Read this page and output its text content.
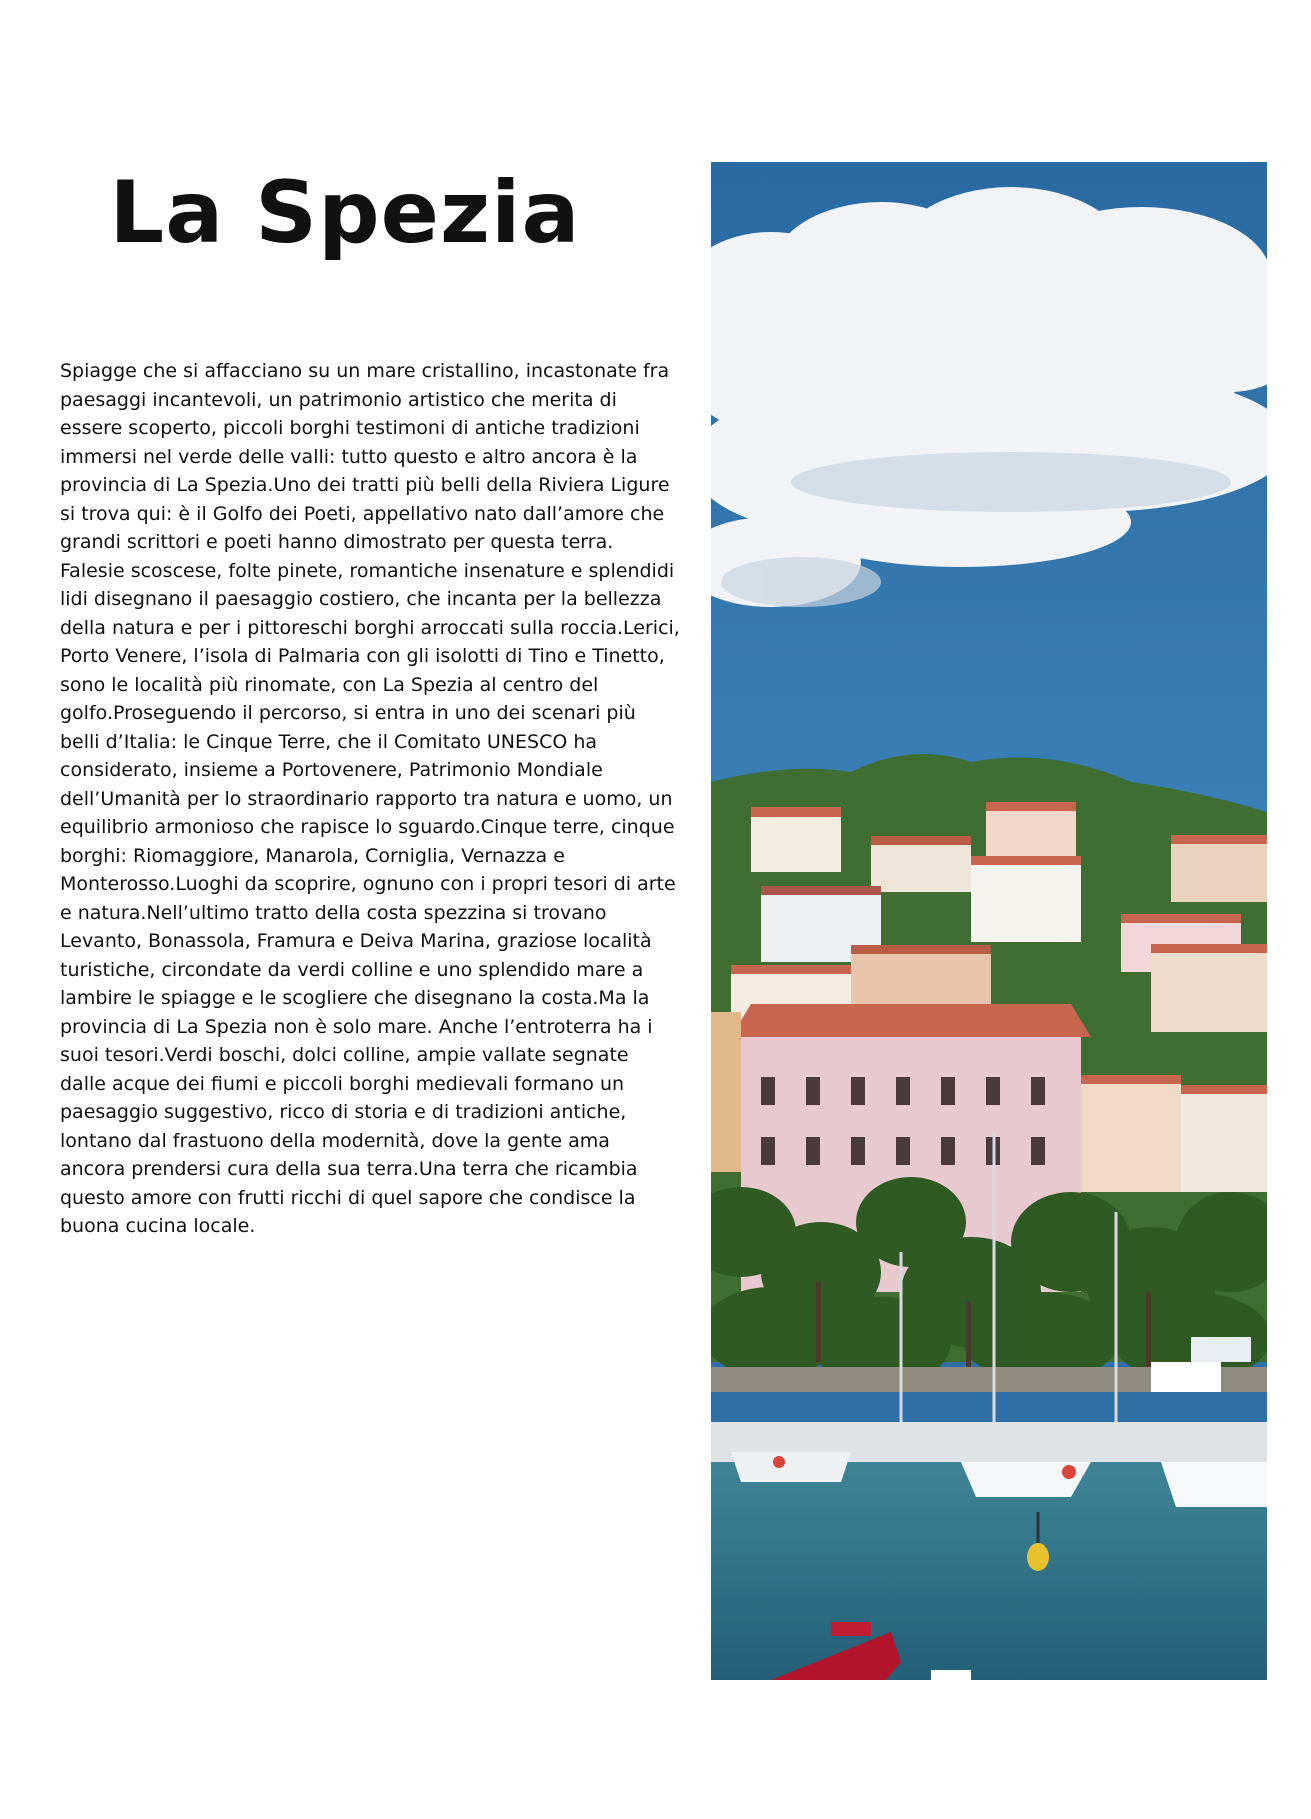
La Spezia

Spiagge che si affacciano su un mare cristallino, incastonate fra paesaggi incantevoli, un patrimonio artistico che merita di essere scoperto, piccoli borghi testimoni di antiche tradizioni immersi nel verde delle valli: tutto questo e altro ancora è la provincia di La Spezia.Uno dei tratti più belli della Riviera Ligure si trova qui: è il Golfo dei Poeti, appellativo nato dall’amore che grandi scrittori e poeti hanno dimostrato per questa terra. Falesie scoscese, folte pinete, romantiche insenature e splendidi lidi disegnano il paesaggio costiero, che incanta per la bellezza della natura e per i pittoreschi borghi arroccati sulla roccia.Lerici, Porto Venere, l’isola di Palmaria con gli isolotti di Tino e Tinetto, sono le località più rinomate, con La Spezia al centro del golfo.Proseguendo il percorso, si entra in uno dei scenari più belli d’Italia: le Cinque Terre, che il Comitato UNESCO ha considerato, insieme a Portovenere, Patrimonio Mondiale dell’Umanità per lo straordinario rapporto tra natura e uomo, un equilibrio armonioso che rapisce lo sguardo.Cinque terre, cinque borghi: Riomaggiore, Manarola, Corniglia, Vernazza e Monterosso.Luoghi da scoprire, ognuno con i propri tesori di arte e natura.Nell’ultimo tratto della costa spezzina si trovano Levanto, Bonassola, Framura e Deiva Marina, graziose località turistiche, circondate da verdi colline e uno splendido mare a lambire le spiagge e le scogliere che disegnano la costa.Ma la provincia di La Spezia non è solo mare. Anche l’entroterra ha i suoi tesori.Verdi boschi, dolci colline, ampie vallate segnate dalle acque dei fiumi e piccoli borghi medievali formano un paesaggio suggestivo, ricco di storia e di tradizioni antiche, lontano dal frastuono della modernità, dove la gente ama ancora prendersi cura della sua terra.Una terra che ricambia questo amore con frutti ricchi di quel sapore che condisce la buona cucina locale.
